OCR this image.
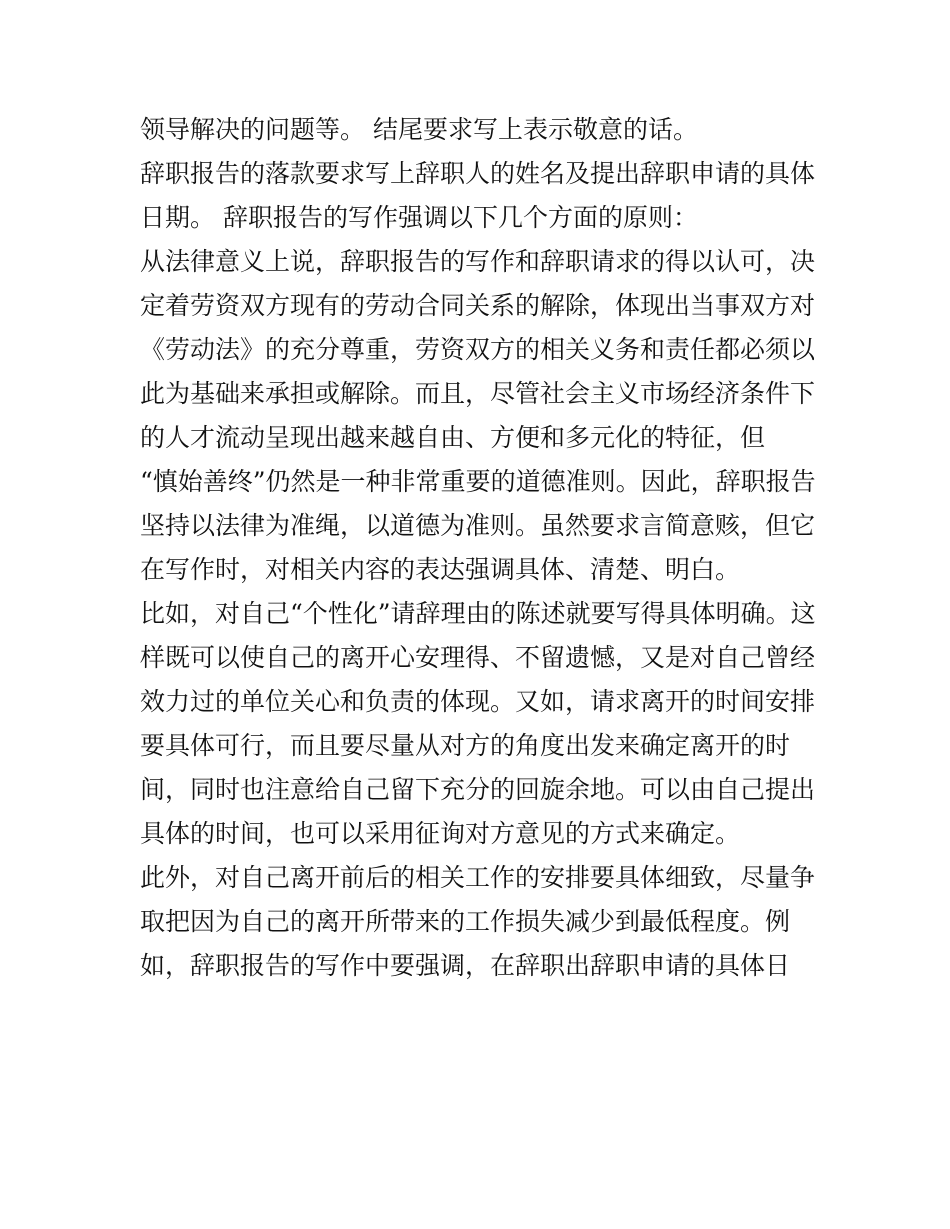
领导解决的问题等。 结尾要求写上表示敬意的话。
辞职报告的落款要求写上辞职人的姓名及提出辞职申请的具体
日期。 辞职报告的写作强调以下几个方面的原则：
从法律意义上说，辞职报告的写作和辞职请求的得以认可，决
定着劳资双方现有的劳动合同关系的解除，体现出当事双方对
《劳动法》的充分尊重，劳资双方的相关义务和责任都必须以
此为基础来承担或解除。而且，尽管社会主义市场经济条件下
的人才流动呈现出越来越自由、方便和多元化的特征，但
“慎始善终”仍然是一种非常重要的道德准则。因此，辞职报告
坚持以法律为准绳，以道德为准则。虽然要求言简意赅，但它
在写作时，对相关内容的表达强调具体、清楚、明白。
比如，对自己“个性化”请辞理由的陈述就要写得具体明确。这
样既可以使自己的离开心安理得、不留遗憾，又是对自己曾经
效力过的单位关心和负责的体现。又如，请求离开的时间安排
要具体可行，而且要尽量从对方的角度出发来确定离开的时
间，同时也注意给自己留下充分的回旋余地。可以由自己提出
具体的时间，也可以采用征询对方意见的方式来确定。
此外，对自己离开前后的相关工作的安排要具体细致，尽量争
取把因为自己的离开所带来的工作损失减少到最低程度。例
如，辞职报告的写作中要强调，在辞职出辞职申请的具体日
